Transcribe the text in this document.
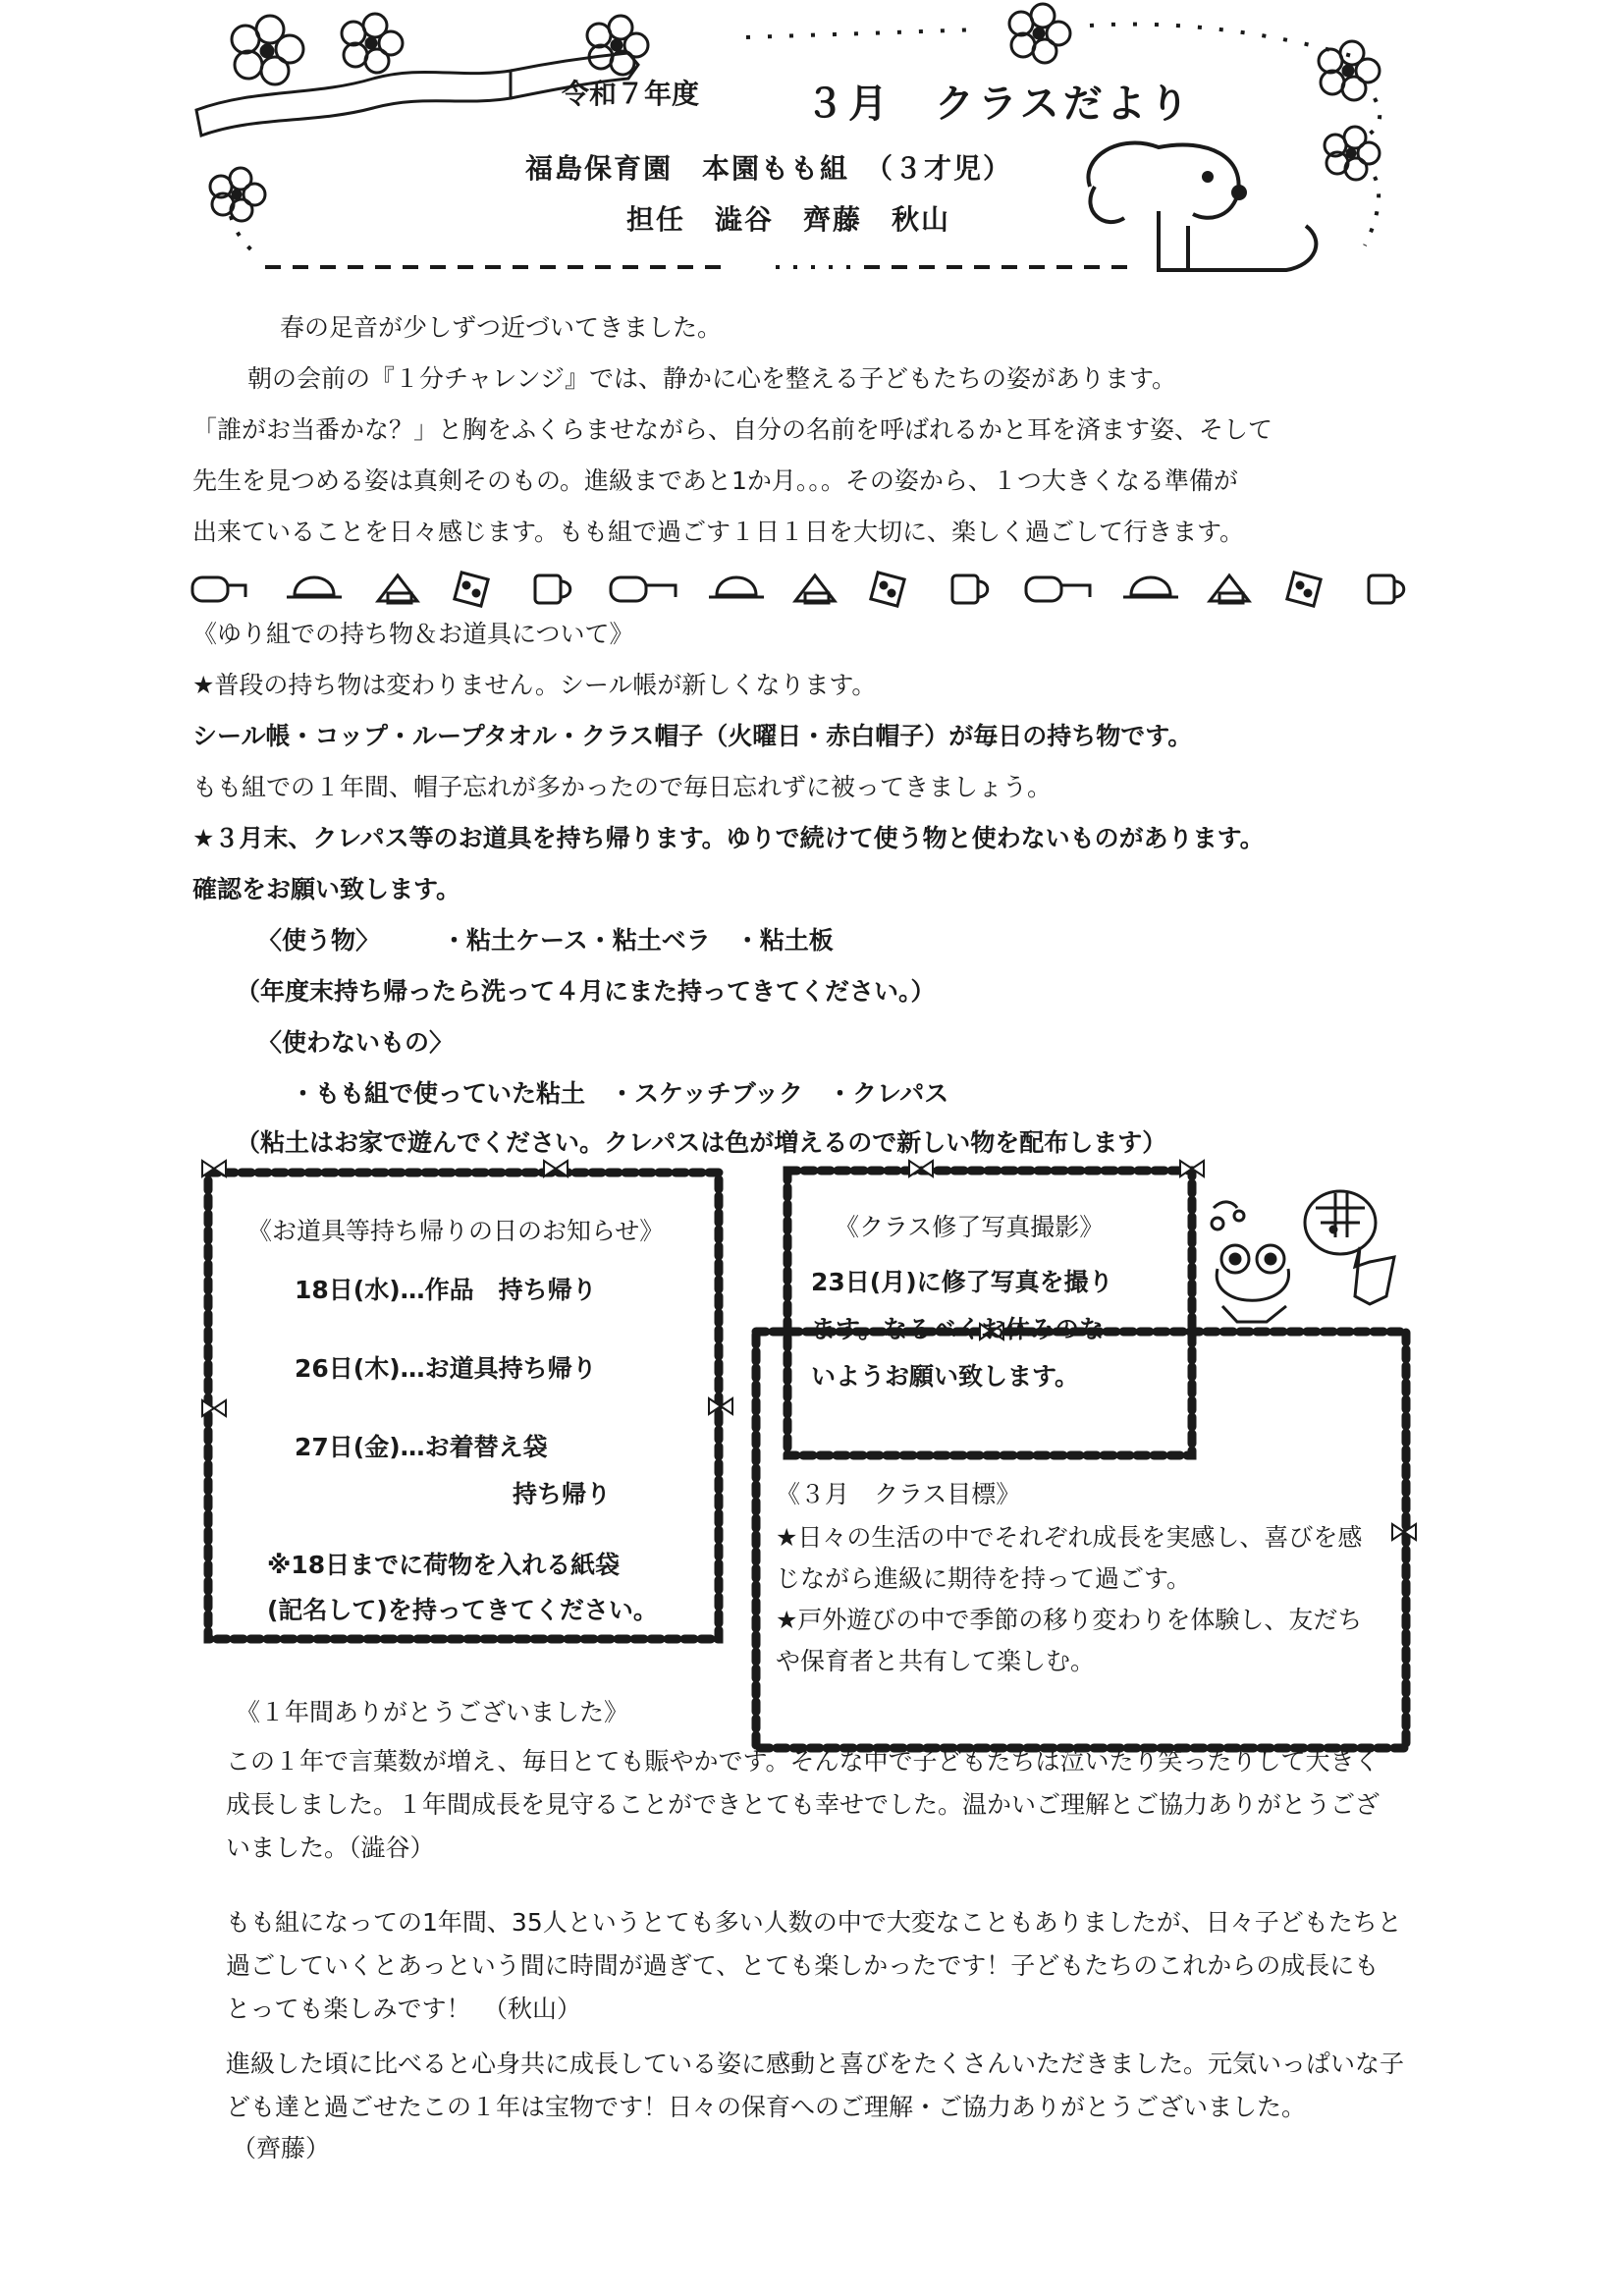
令和７年度	３月　クラスだより
福島保育園　本園もも組　（３才児）
担任　澁谷　齊藤　秋山
春の足音が少しずつ近づいてきました。
朝の会前の『１分チャレンジ』では、静かに心を整える子どもたちの姿があります。
「誰がお当番かな？」と胸をふくらませながら、自分の名前を呼ばれるかと耳を済ます姿、そして
先生を見つめる姿は真剣そのもの。進級まであと1か月。。。その姿から、１つ大きくなる準備が
出来ていることを日々感じます。もも組で過ごす１日１日を大切に、楽しく過ごして行きます。
《ゆり組での持ち物＆お道具について》
★普段の持ち物は変わりません。シール帳が新しくなります。
シール帳・コップ・ループタオル・クラス帽子（火曜日・赤白帽子）が毎日の持ち物です。
もも組での１年間、帽子忘れが多かったので毎日忘れずに被ってきましょう。
★３月末、クレパス等のお道具を持ち帰ります。ゆりで続けて使う物と使わないものがあります。
確認をお願い致します。
〈使う物〉	・粘土ケース・粘土ベラ　・粘土板
（年度末持ち帰ったら洗って４月にまた持ってきてください。）
〈使わないもの〉
・もも組で使っていた粘土　・スケッチブック　・クレパス
（粘土はお家で遊んでください。クレパスは色が増えるので新しい物を配布します）
《お道具等持ち帰りの日のお知らせ》
18日(水)…作品　持ち帰り
26日(木)…お道具持ち帰り
27日(金)…お着替え袋
持ち帰り
※18日までに荷物を入れる紙袋
(記名して)を持ってきてください。
《クラス修了写真撮影》
23日(月)に修了写真を撮り
ます。なるべくお休みのな
いようお願い致します。
《３月　クラス目標》
★日々の生活の中でそれぞれ成長を実感し、喜びを感
じながら進級に期待を持って過ごす。
★戸外遊びの中で季節の移り変わりを体験し、友だち
や保育者と共有して楽しむ。
《１年間ありがとうございました》
この１年で言葉数が増え、毎日とても賑やかです。そんな中で子どもたちは泣いたり笑ったりして大きく
成長しました。１年間成長を見守ることができとても幸せでした。温かいご理解とご協力ありがとうござ
いました。（澁谷）
もも組になっての1年間、35人というとても多い人数の中で大変なこともありましたが、日々子どもたちと
過ごしていくとあっという間に時間が過ぎて、とても楽しかったです！子どもたちのこれからの成長にも
とっても楽しみです！　（秋山）
進級した頃に比べると心身共に成長している姿に感動と喜びをたくさんいただきました。元気いっぱいな子
ども達と過ごせたこの１年は宝物です！日々の保育へのご理解・ご協力ありがとうございました。
（齊藤）
